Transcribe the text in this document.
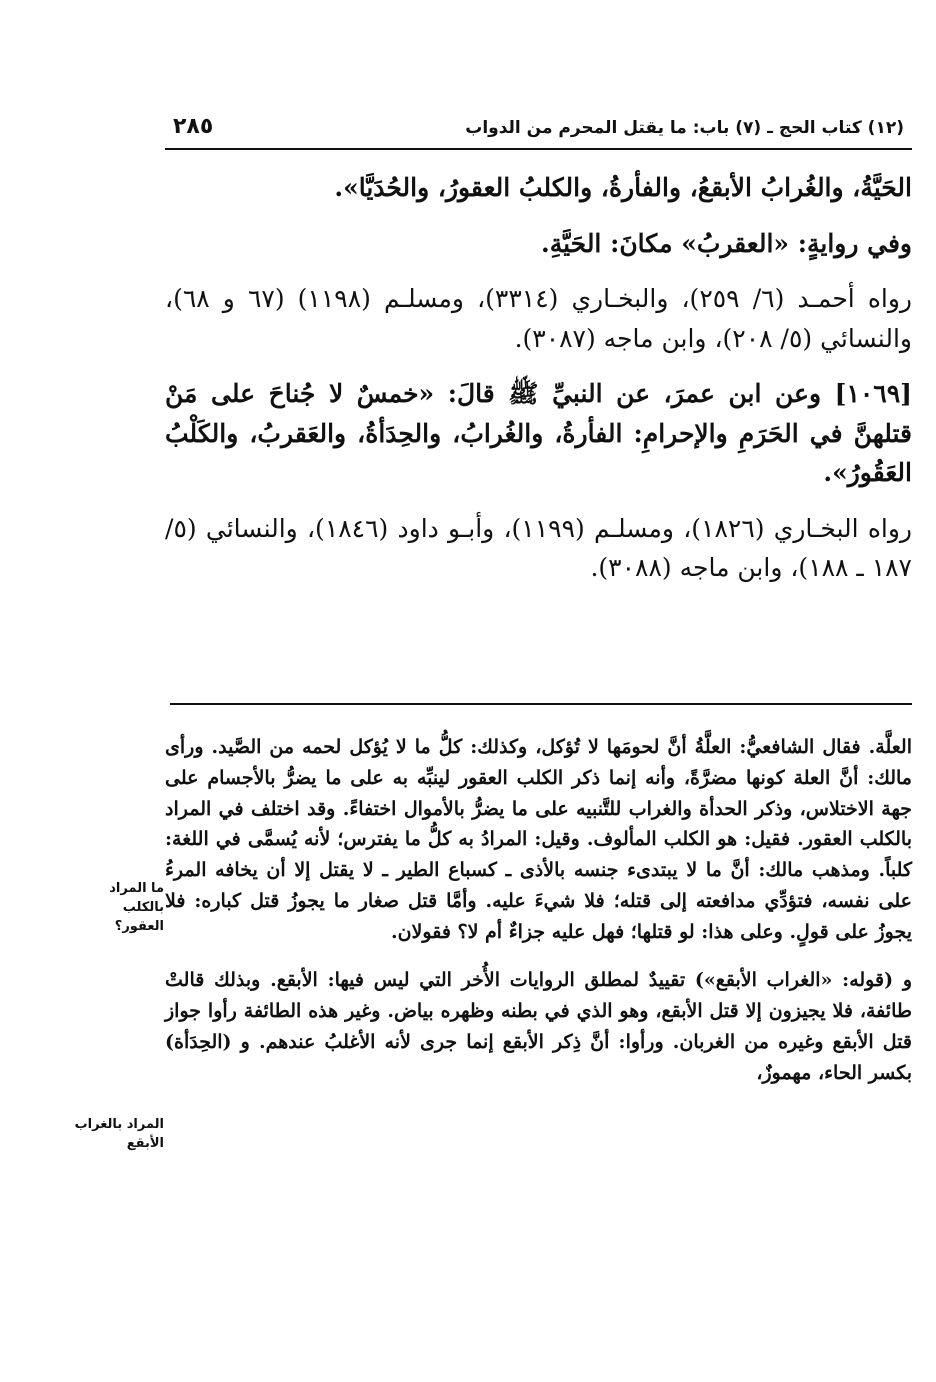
٢٨٥	(١٢) كتاب الحج ـ (٧) باب: ما يقتل المحرم من الدواب

الحَيَّةُ، والغُرابُ الأبقعُ، والفأرةُ، والكلبُ العقورُ، والحُدَيَّا».

وفي روايةٍ: «العقربُ» مكانَ: الحَيَّةِ.

رواه أحمـد (٦/ ٢٥٩)، والبخـاري (٣٣١٤)، ومسلـم (١١٩٨) (٦٧ و ٦٨)، والنسائي (٥/ ٢٠٨)، وابن ماجه (٣٠٨٧).

[١٠٦٩] وعن ابن عمرَ، عن النبيِّ ﷺ قالَ: «خمسٌ لا جُناحَ على مَنْ قتلهنَّ في الحَرَمِ والإحرامِ: الفأرةُ، والغُرابُ، والحِدَأةُ، والعَقربُ، والكَلْبُ العَقُورُ».

رواه البخـاري (١٨٢٦)، ومسلـم (١١٩٩)، وأبـو داود (١٨٤٦)، والنسائي (٥/ ١٨٧ ـ ١٨٨)، وابن ماجه (٣٠٨٨).

العلَّة. فقال الشافعيُّ: العلَّةُ أنَّ لحومَها لا تُؤكل، وكذلك: كلُّ ما لا يُؤكل لحمه من الصَّيد. ورأى مالك: أنَّ العلة كونها مضرَّةً، وأنه إنما ذكر الكلب العقور لينبِّه به على ما يضرُّ بالأجسام على جهة الاختلاس، وذكر الحدأة والغراب للتَّنبيه على ما يضرُّ بالأموال اختفاءً. وقد اختلف في المراد بالكلب العقور. فقيل: هو الكلب المألوف. وقيل: المرادُ به كلُّ ما يفترس؛ لأنه يُسمَّى في اللغة: كلباً. ومذهب مالك: أنَّ ما لا يبتدىء جنسه بالأذى ـ كسباع الطير ـ لا يقتل إلا أن يخافه المرءُ على نفسه، فتؤدِّي مدافعته إلى قتله؛ فلا شيءَ عليه. وأمَّا قتل صغار ما يجوزُ قتل كباره: فلا يجوزُ على قولٍ. وعلى هذا: لو قتلها؛ فهل عليه جزاءٌ أم لا؟ فقولان.

و (قوله: «الغراب الأبقع») تقييدٌ لمطلق الروايات الأُخر التي ليس فيها: الأبقع. وبذلك قالتْ طائفة، فلا يجيزون إلا قتل الأبقع، وهو الذي في بطنه وظهره بياض. وغير هذه الطائفة رأوا جواز قتل الأبقع وغيره من الغربان. ورأوا: أنَّ ذِكر الأبقع إنما جرى لأنه الأغلبُ عندهم. و (الحِدَأة) بكسر الحاء، مهموزٌ،

ما المراد بالكلب العقور؟
المراد بالغراب الأبقع
